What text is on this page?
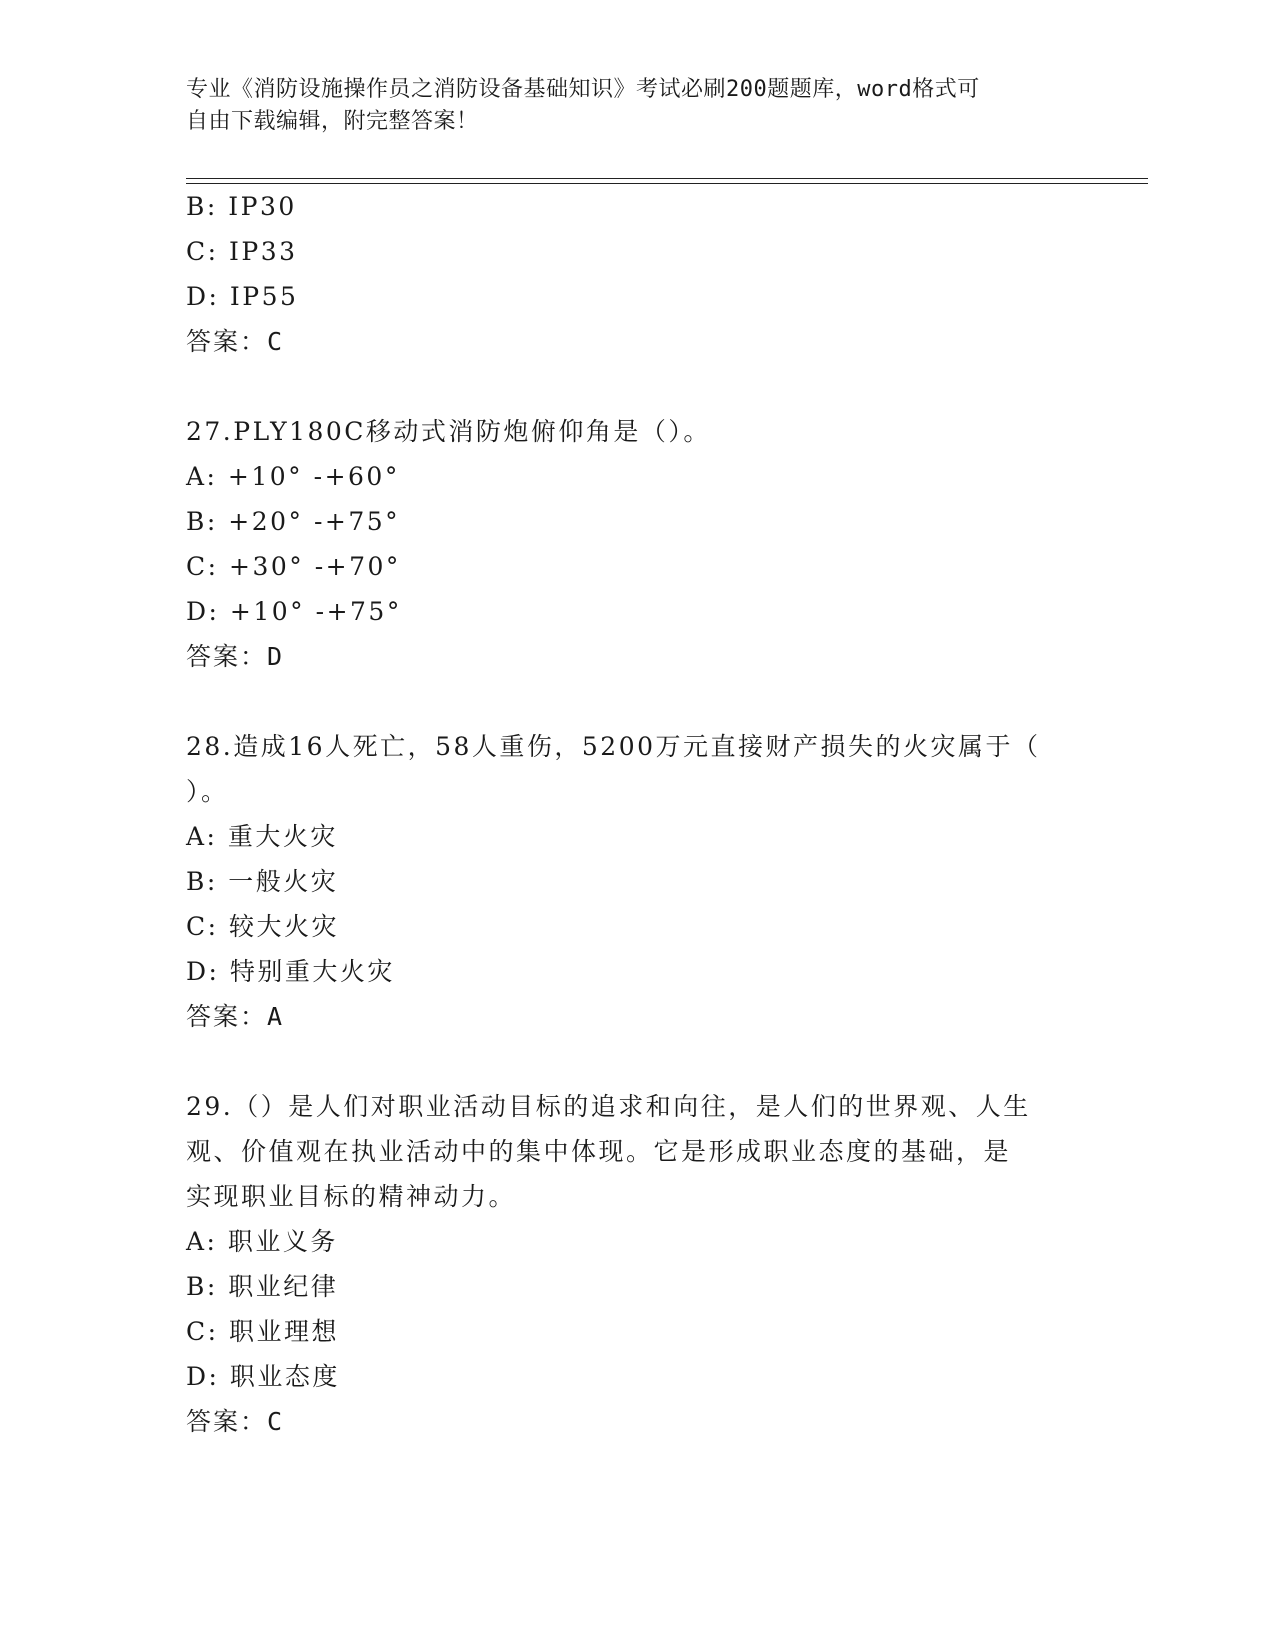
专业《消防设施操作员之消防设备基础知识》考试必刷200题题库，word格式可
自由下载编辑，附完整答案！
B: IP30
C: IP33
D: IP55
答案：C
27.PLY180C移动式消防炮俯仰角是（）。
A: +10° -+60°
B: +20° -+75°
C: +30° -+70°
D: +10° -+75°
答案：D
28.造成16人死亡，58人重伤，5200万元直接财产损失的火灾属于（
）。
A: 重大火灾
B: 一般火灾
C: 较大火灾
D: 特别重大火灾
答案：A
29.（）是人们对职业活动目标的追求和向往，是人们的世界观、人生
观、价值观在执业活动中的集中体现。它是形成职业态度的基础，是
实现职业目标的精神动力。
A: 职业义务
B: 职业纪律
C: 职业理想
D: 职业态度
答案：C
